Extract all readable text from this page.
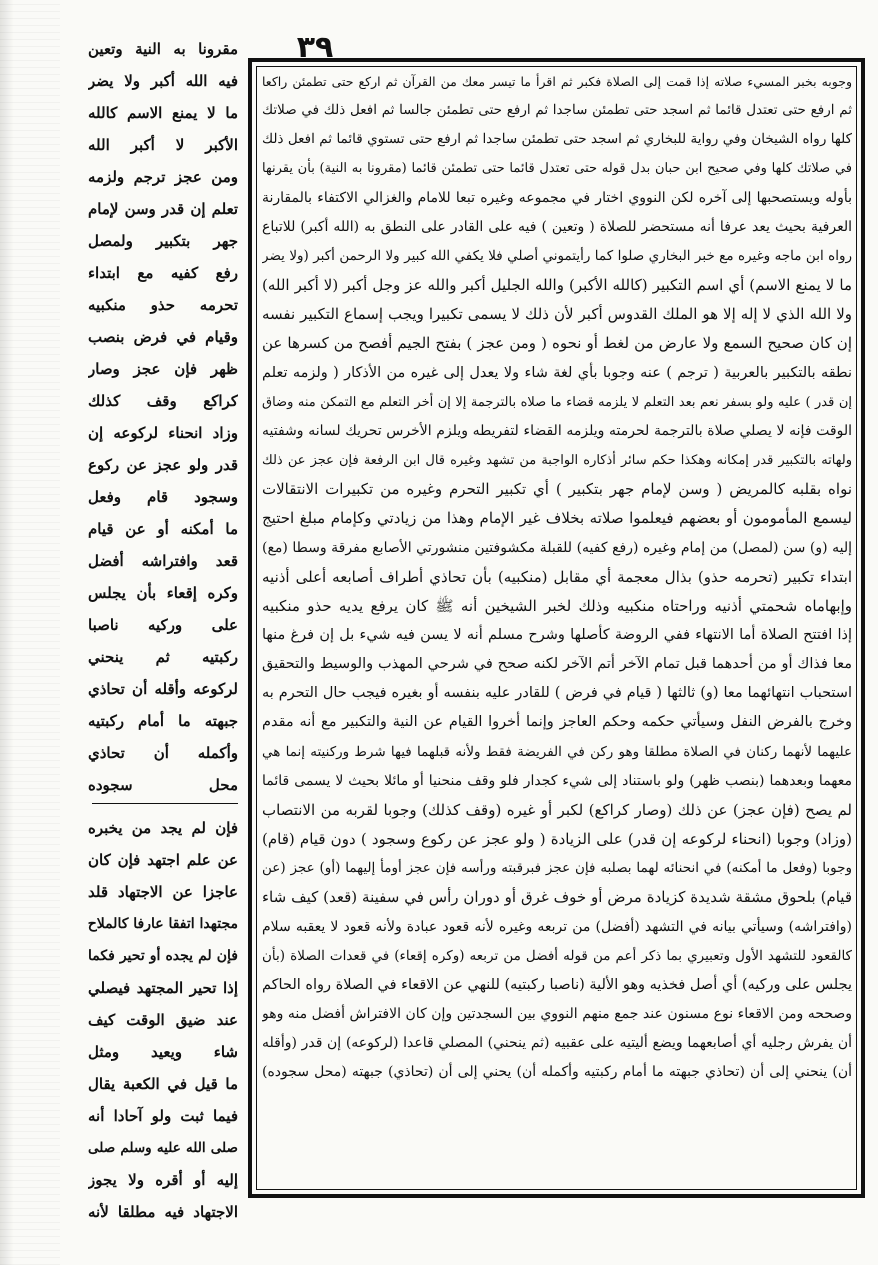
٣٩
وجوبه بخبر المسيء صلاته إذا قمت إلى الصلاة فكبر ثم اقرأ ما تيسر معك من القرآن ثم اركع حتى تطمئن راكعا
ثم ارفع حتى تعتدل قائما ثم اسجد حتى تطمئن ساجدا ثم ارفع حتى تطمئن جالسا ثم افعل ذلك في صلاتك
كلها رواه الشيخان وفي رواية للبخاري ثم اسجد حتى تطمئن ساجدا ثم ارفع حتى تستوي قائما ثم افعل ذلك
في صلاتك كلها وفي صحيح ابن حبان بدل قوله حتى تعتدل قائما حتى تطمئن قائما (مقرونا به النية) بأن يقرنها
بأوله ويستصحبها إلى آخره لكن النووي اختار في مجموعه وغيره تبعا للامام والغزالي الاكتفاء بالمقارنة
العرفية بحيث يعد عرفا أنه مستحضر للصلاة ( وتعين ) فيه على القادر على النطق به (الله أكبر) للاتباع
رواه ابن ماجه وغيره مع خبر البخاري صلوا كما رأيتموني أصلي فلا يكفي الله كبير ولا الرحمن أكبر (ولا يضر
ما لا يمنع الاسم) أي اسم التكبير (كالله الأكبر) والله الجليل أكبر والله عز وجل أكبر (لا أكبر الله)
ولا الله الذي لا إله إلا هو الملك القدوس أكبر لأن ذلك لا يسمى تكبيرا ويجب إسماع التكبير نفسه
إن كان صحيح السمع ولا عارض من لغط أو نحوه ( ومن عجز ) بفتح الجيم أفصح من كسرها عن
نطقه بالتكبير بالعربية ( ترجم ) عنه وجوبا بأي لغة شاء ولا يعدل إلى غيره من الأذكار ( ولزمه تعلم
إن قدر ) عليه ولو بسفر نعم بعد التعلم لا يلزمه قضاء ما صلاه بالترجمة إلا إن أخر التعلم مع التمكن منه وضاق
الوقت فإنه لا يصلي صلاة بالترجمة لحرمته ويلزمه القضاء لتفريطه ويلزم الأخرس تحريك لسانه وشفتيه
ولهاته بالتكبير قدر إمكانه وهكذا حكم سائر أذكاره الواجبة من تشهد وغيره قال ابن الرفعة فإن عجز عن ذلك
نواه بقلبه كالمريض ( وسن لإمام جهر بتكبير ) أي تكبير التحرم وغيره من تكبيرات الانتقالات
ليسمع المأمومون أو بعضهم فيعلموا صلاته بخلاف غير الإمام وهذا من زيادتي وكإمام مبلغ احتيج
إليه (و) سن (لمصل) من إمام وغيره (رفع كفيه) للقبلة مكشوفتين منشورتي الأصابع مفرقة وسطا (مع)
ابتداء تكبير (تحرمه حذو) بذال معجمة أي مقابل (منكبيه) بأن تحاذي أطراف أصابعه أعلى أذنيه
وإبهاماه شحمتي أذنيه وراحتاه منكبيه وذلك لخبر الشيخين أنه ﷺ كان يرفع يديه حذو منكبيه
إذا افتتح الصلاة أما الانتهاء ففي الروضة كأصلها وشرح مسلم أنه لا يسن فيه شيء بل إن فرغ منها
معا فذاك أو من أحدهما قبل تمام الآخر أتم الآخر لكنه صحح في شرحي المهذب والوسيط والتحقيق
استحباب انتهائهما معا (و) ثالثها ( قيام في فرض ) للقادر عليه بنفسه أو بغيره فيجب حال التحرم به
وخرج بالفرض النفل وسيأتي حكمه وحكم العاجز وإنما أخروا القيام عن النية والتكبير مع أنه مقدم
عليهما لأنهما ركنان في الصلاة مطلقا وهو ركن في الفريضة فقط ولأنه قبلهما فيها شرط وركنيته إنما هي
معهما وبعدهما (بنصب ظهر) ولو باستناد إلى شيء كجدار فلو وقف منحنيا أو مائلا بحيث لا يسمى قائما
لم يصح (فإن عجز) عن ذلك (وصار كراكع) لكبر أو غيره (وقف كذلك) وجوبا لقربه من الانتصاب
(وزاد) وجوبا (انحناء لركوعه إن قدر) على الزيادة ( ولو عجز عن ركوع وسجود ) دون قيام (قام)
وجوبا (وفعل ما أمكنه) في انحنائه لهما بصلبه فإن عجز فبرقبته ورأسه فإن عجز أومأ إليهما (أو) عجز (عن
قيام) بلحوق مشقة شديدة كزيادة مرض أو خوف غرق أو دوران رأس في سفينة (قعد) كيف شاء
(وافتراشه) وسيأتي بيانه في التشهد (أفضل) من تربعه وغيره لأنه قعود عبادة ولأنه قعود لا يعقبه سلام
كالقعود للتشهد الأول وتعبيري بما ذكر أعم من قوله أفضل من تربعه (وكره إقعاء) في قعدات الصلاة (بأن
يجلس على وركيه) أي أصل فخذيه وهو الألية (ناصبا ركبتيه) للنهي عن الاقعاء في الصلاة رواه الحاكم
وصححه ومن الاقعاء نوع مسنون عند جمع منهم النووي بين السجدتين وإن كان الافتراش أفضل منه وهو
أن يفرش رجليه أي أصابعهما ويضع أليتيه على عقبيه (ثم ينحني) المصلي قاعدا (لركوعه) إن قدر (وأقله
أن) ينحني إلى أن (تحاذي جبهته ما أمام ركبتيه وأكمله أن) يحني إلى أن (تحاذي) جبهته (محل سجوده)
مقرونا به النية وتعين
فيه الله أكبر ولا يضر
ما لا يمنع الاسم كالله
الأكبر لا أكبر الله
ومن عجز ترجم ولزمه
تعلم إن قدر وسن لإمام
جهر بتكبير ولمصل
رفع كفيه مع ابتداء
تحرمه حذو منكبيه
وقيام في فرض بنصب
ظهر فإن عجز وصار
كراكع وقف كذلك
وزاد انحناء لركوعه إن
قدر ولو عجز عن ركوع
وسجود قام وفعل
ما أمكنه أو عن قيام
قعد وافتراشه أفضل
وكره إقعاء بأن يجلس
على وركيه ناصبا
ركبتيه ثم ينحني
لركوعه وأقله أن تحاذي
جبهته ما أمام ركبتيه
وأكمله أن تحاذي
محل سجوده
فإن لم يجد من يخبره
عن علم اجتهد فإن كان
عاجزا عن الاجتهاد قلد
مجتهدا اتفقا عارفا كالملاح
فإن لم يجده أو تحير فكما
إذا تحير المجتهد فيصلي
عند ضيق الوقت كيف
شاء ويعيد ومثل
ما قيل في الكعبة يقال
فيما ثبت ولو آحادا أنه
صلى الله عليه وسلم صلى
إليه أو أقره ولا يجوز
الاجتهاد فيه مطلقا لأنه
